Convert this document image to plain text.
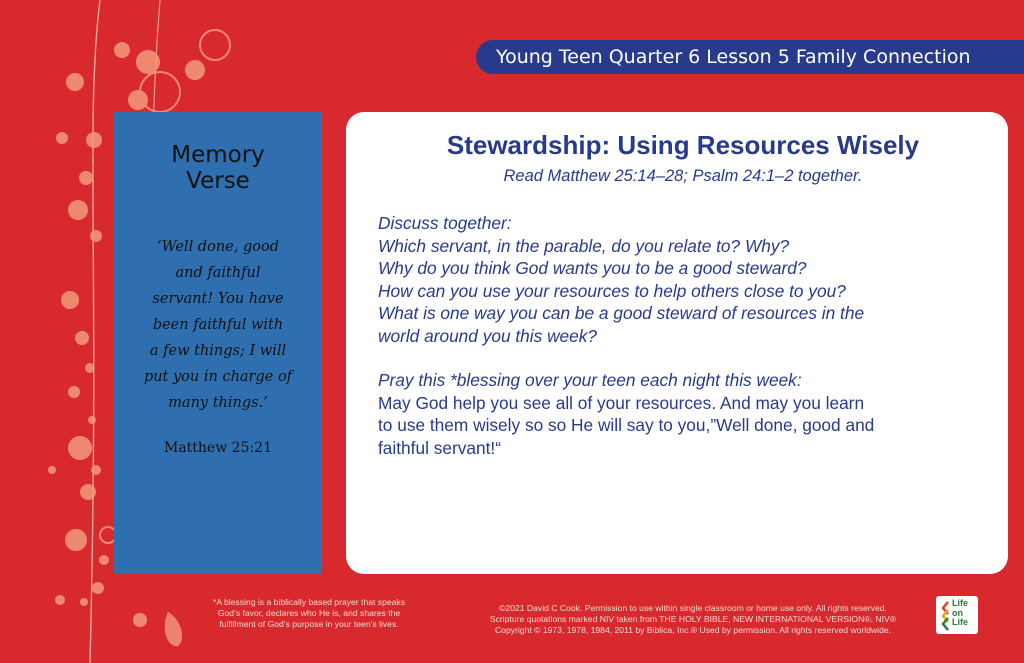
Young Teen Quarter 6 Lesson 5 Family Connection
Memory
Verse
‘Well done, good
and faithful
servant! You have
been faithful with
a few things; I will
put you in charge of
many things.’
Matthew 25:21
Stewardship: Using Resources Wisely
Read Matthew 25:14–28; Psalm 24:1–2 together.
Discuss together:
Which servant, in the parable, do you relate to? Why?
Why do you think God wants you to be a good steward?
How can you use your resources to help others close to you?
What is one way you can be a good steward of resources in the
world around you this week?
Pray this *blessing over your teen each night this week:
May God help you see all of your resources. And may you learn
to use them wisely so so He will say to you,”Well done, good and
faithful servant!“
*A blessing is a biblically based prayer that speaks
God’s favor, declares who He is, and shares the
fulfillment of God’s purpose in your teen’s lives.
©2021 David C Cook. Permission to use within single classroom or home use only. All rights reserved.
Scripture quotations marked NIV taken from THE HOLY BIBLE, NEW INTERNATIONAL VERSION®, NIV®
Copyright © 1973, 1978, 1984, 2011 by Biblica, Inc.® Used by permission. All rights reserved worldwide.
Life
on
Life
